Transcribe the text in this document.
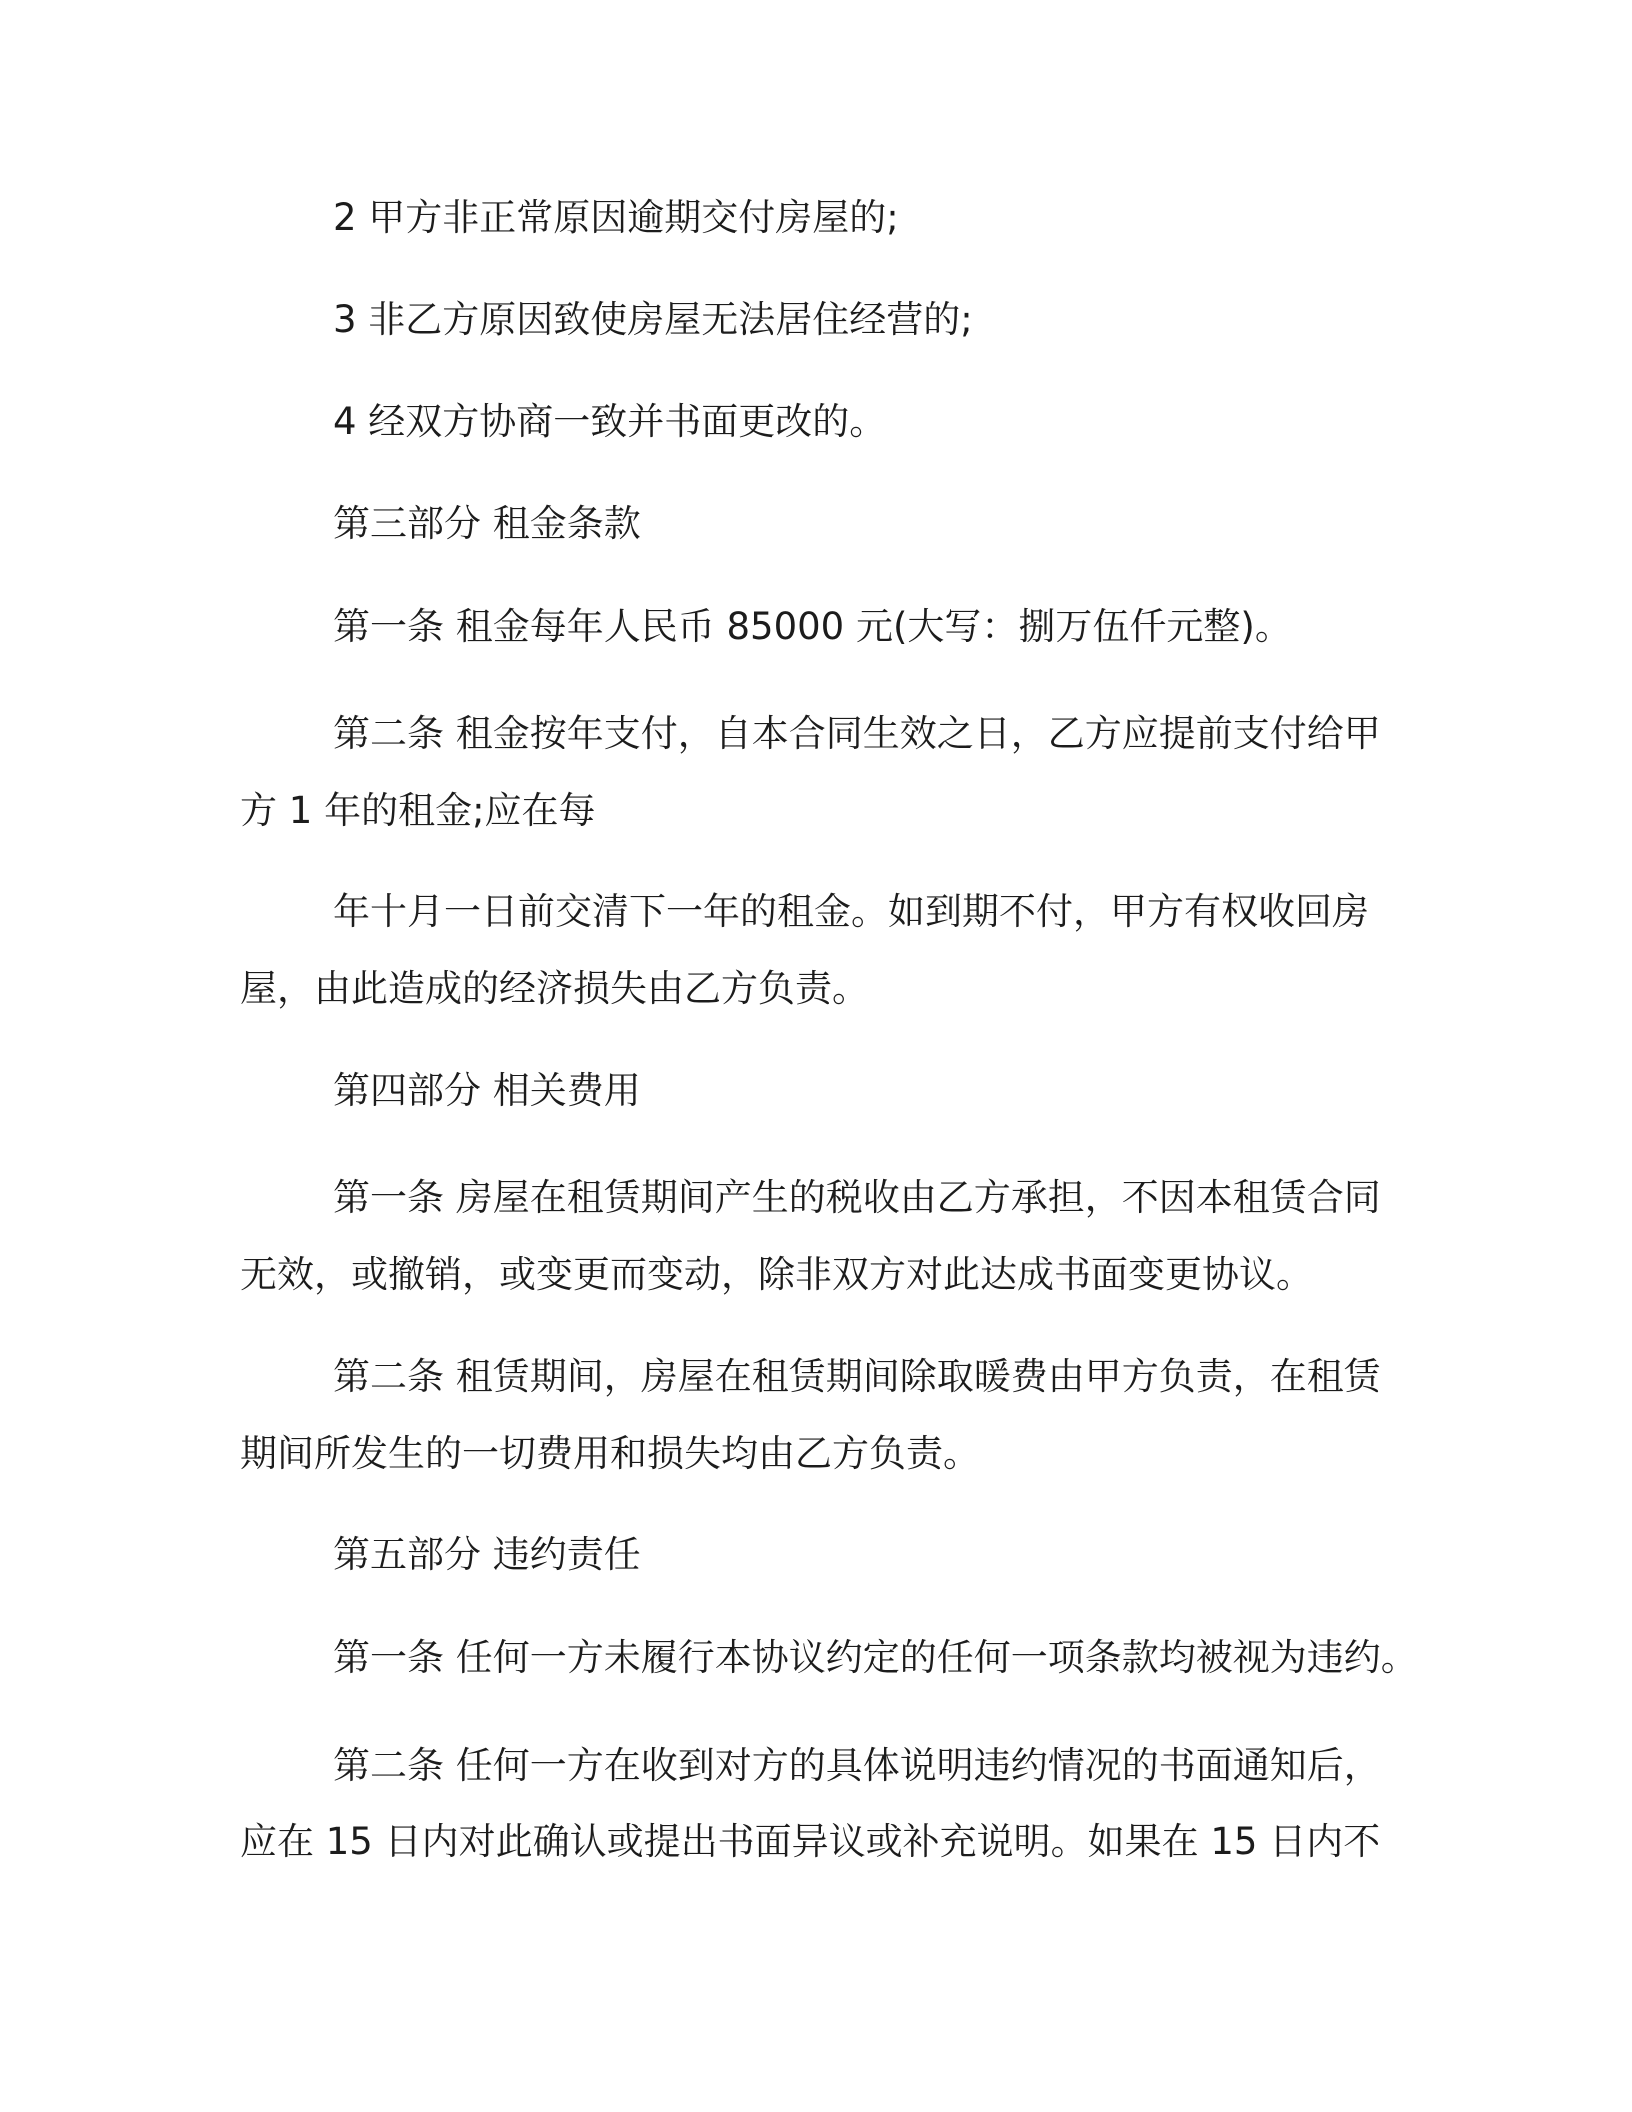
2 甲方非正常原因逾期交付房屋的;

3 非乙方原因致使房屋无法居住经营的;

4 经双方协商一致并书面更改的。

第三部分 租金条款

第一条 租金每年人民币 85000 元(大写：捌万伍仟元整)。

第二条 租金按年支付，自本合同生效之日，乙方应提前支付给甲

方 1 年的租金;应在每

年十月一日前交清下一年的租金。如到期不付，甲方有权收回房

屋，由此造成的经济损失由乙方负责。

第四部分 相关费用

第一条 房屋在租赁期间产生的税收由乙方承担，不因本租赁合同

无效，或撤销，或变更而变动，除非双方对此达成书面变更协议。

第二条 租赁期间，房屋在租赁期间除取暖费由甲方负责，在租赁

期间所发生的一切费用和损失均由乙方负责。

第五部分 违约责任

第一条 任何一方未履行本协议约定的任何一项条款均被视为违约。

第二条 任何一方在收到对方的具体说明违约情况的书面通知后，

应在 15 日内对此确认或提出书面异议或补充说明。如果在 15 日内不
